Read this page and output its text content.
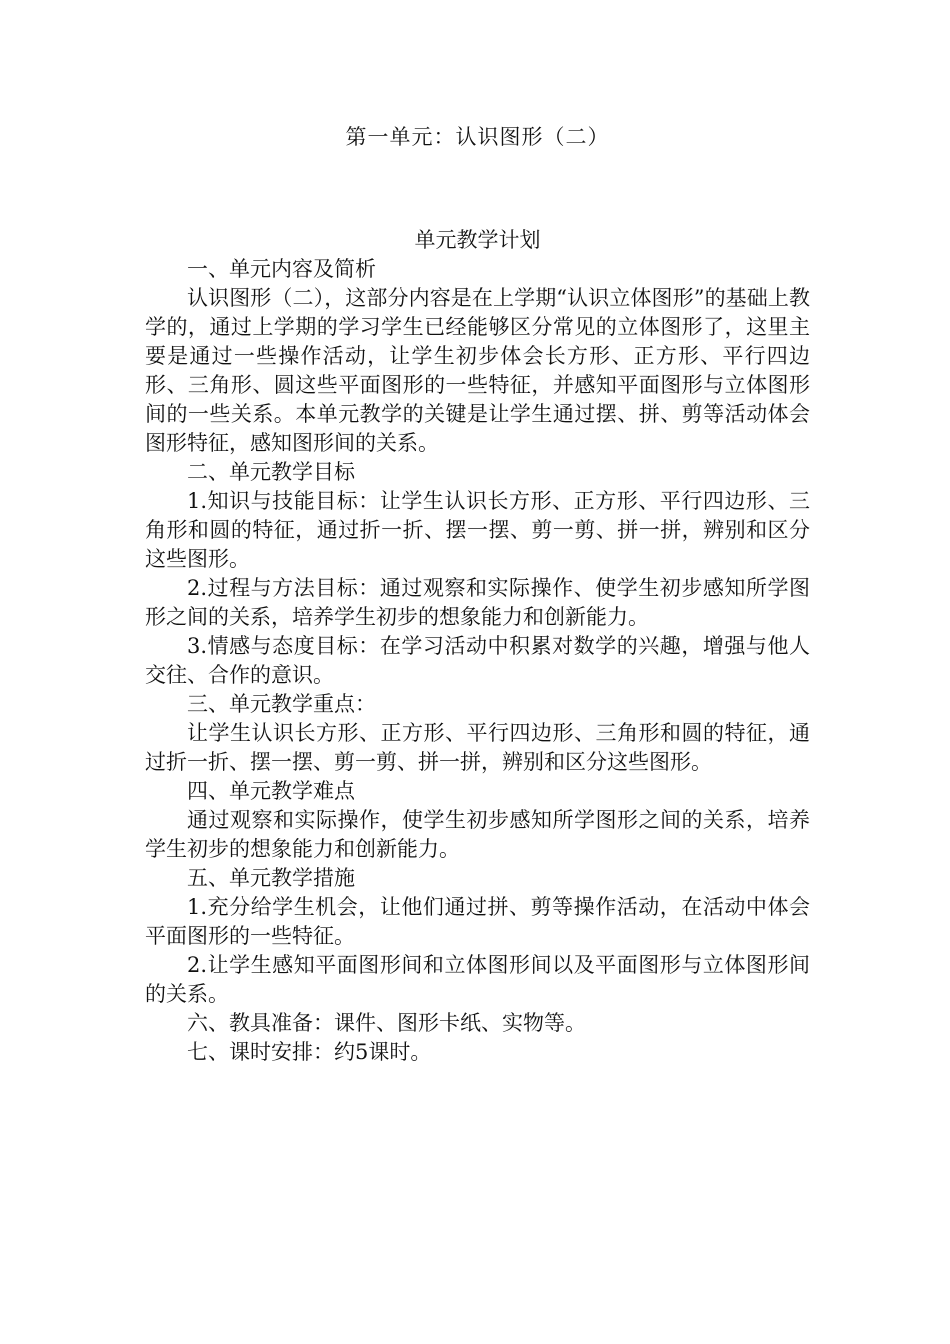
第一单元：认识图形（二）

单元教学计划

一、单元内容及简析

认识图形（二），这部分内容是在上学期“认识立体图形”的基础上教学的，通过上学期的学习学生已经能够区分常见的立体图形了，这里主要是通过一些操作活动，让学生初步体会长方形、正方形、平行四边形、三角形、圆这些平面图形的一些特征，并感知平面图形与立体图形间的一些关系。本单元教学的关键是让学生通过摆、拼、剪等活动体会图形特征，感知图形间的关系。

二、单元教学目标

1.知识与技能目标：让学生认识长方形、正方形、平行四边形、三角形和圆的特征，通过折一折、摆一摆、剪一剪、拼一拼，辨别和区分这些图形。

2.过程与方法目标：通过观察和实际操作、使学生初步感知所学图形之间的关系，培养学生初步的想象能力和创新能力。

3.情感与态度目标：在学习活动中积累对数学的兴趣，增强与他人交往、合作的意识。

三、单元教学重点：

让学生认识长方形、正方形、平行四边形、三角形和圆的特征，通过折一折、摆一摆、剪一剪、拼一拼，辨别和区分这些图形。

四、单元教学难点

通过观察和实际操作，使学生初步感知所学图形之间的关系，培养学生初步的想象能力和创新能力。

五、单元教学措施

1.充分给学生机会，让他们通过拼、剪等操作活动，在活动中体会平面图形的一些特征。

2.让学生感知平面图形间和立体图形间以及平面图形与立体图形间的关系。

六、教具准备：课件、图形卡纸、实物等。

七、课时安排：约5课时。
